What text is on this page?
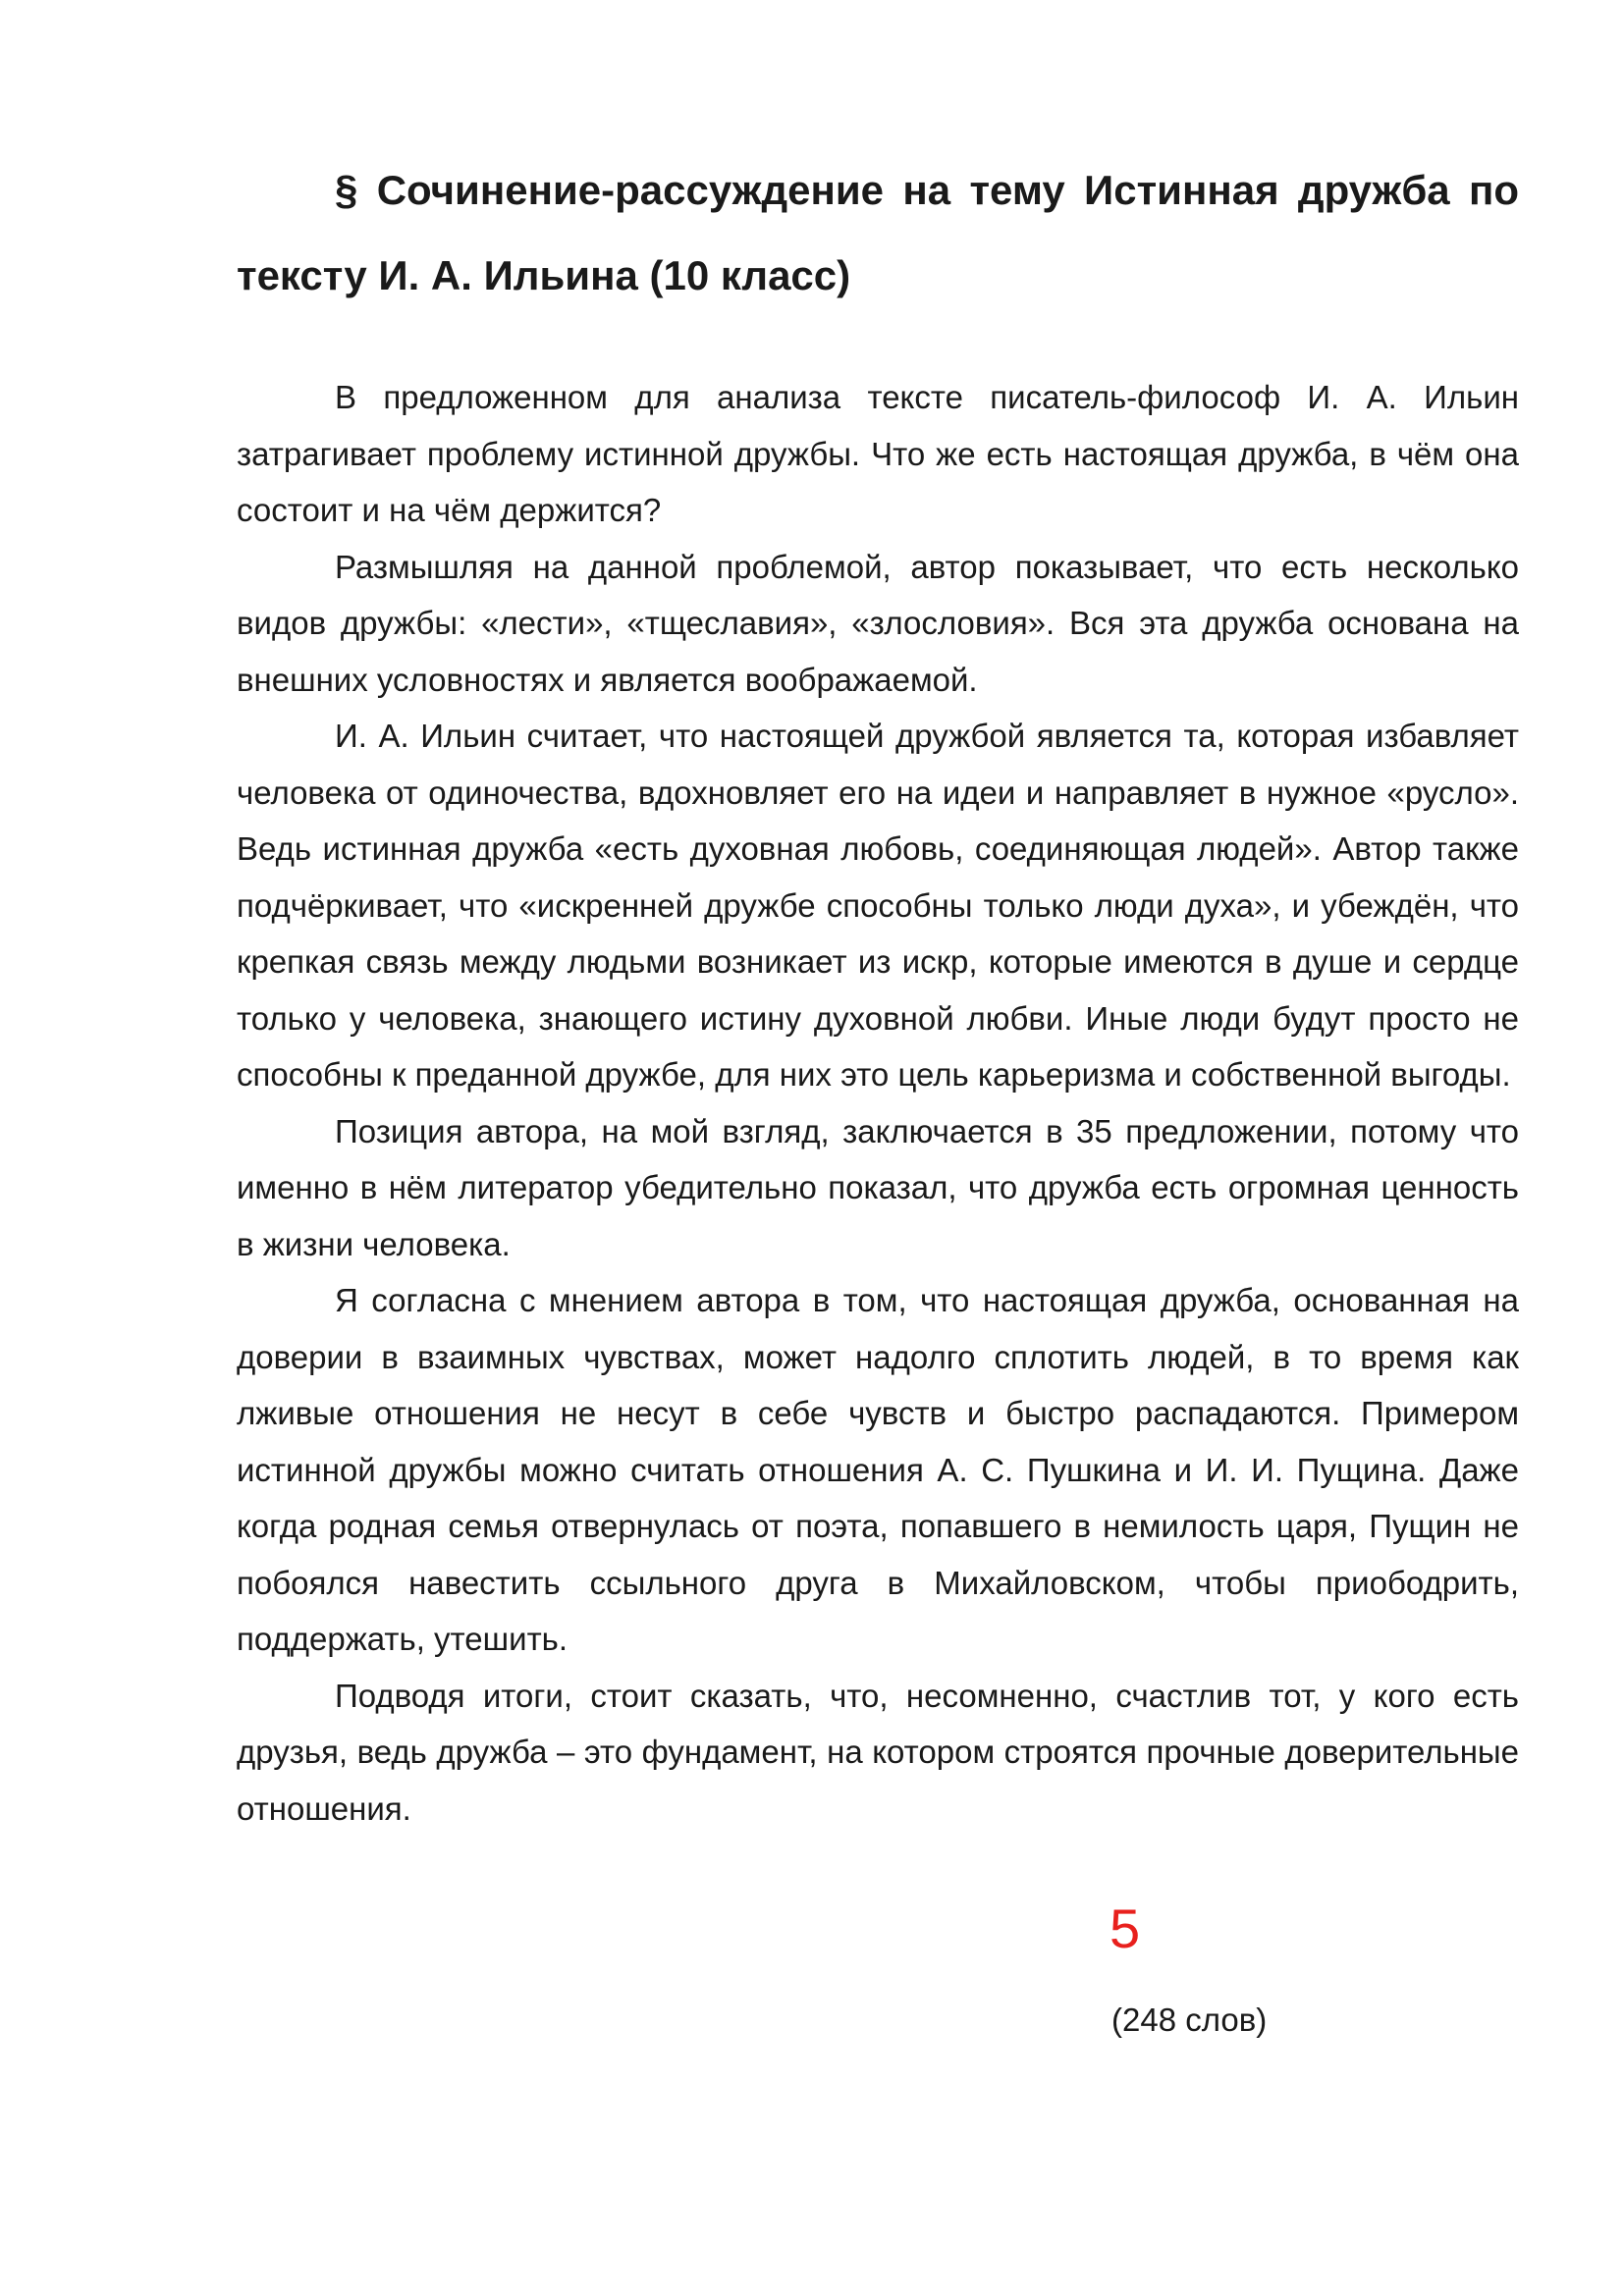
§ Сочинение-рассуждение на тему Истинная дружба по тексту И. А. Ильина (10 класс)

В предложенном для анализа тексте писатель-философ И. А. Ильин затрагивает проблему истинной дружбы. Что же есть настоящая дружба, в чём она состоит и на чём держится?

Размышляя на данной проблемой, автор показывает, что есть несколько видов дружбы: «лести», «тщеславия», «злословия». Вся эта дружба основана на внешних условностях и является воображаемой.

И. А. Ильин считает, что настоящей дружбой является та, которая избавляет человека от одиночества, вдохновляет его на идеи и направляет в нужное «русло». Ведь истинная дружба «есть духовная любовь, соединяющая людей». Автор также подчёркивает, что «искренней дружбе способны только люди духа», и убеждён, что крепкая связь между людьми возникает из искр, которые имеются в душе и сердце только у человека, знающего истину духовной любви. Иные люди будут просто не способны к преданной дружбе, для них это цель карьеризма и собственной выгоды.

Позиция автора, на мой взгляд, заключается в 35 предложении, потому что именно в нём литератор убедительно показал, что дружба есть огромная ценность в жизни человека.

Я согласна с мнением автора в том, что настоящая дружба, основанная на доверии в взаимных чувствах, может надолго сплотить людей, в то время как лживые отношения не несут в себе чувств и быстро распадаются. Примером истинной дружбы можно считать отношения А. С. Пушкина и И. И. Пущина. Даже когда родная семья отвернулась от поэта, попавшего в немилость царя, Пущин не побоялся навестить ссыльного друга в Михайловском, чтобы приободрить, поддержать, утешить.

Подводя итоги, стоит сказать, что, несомненно, счастлив тот, у кого есть друзья, ведь дружба – это фундамент, на котором строятся прочные доверительные отношения.

5
(248 слов)
